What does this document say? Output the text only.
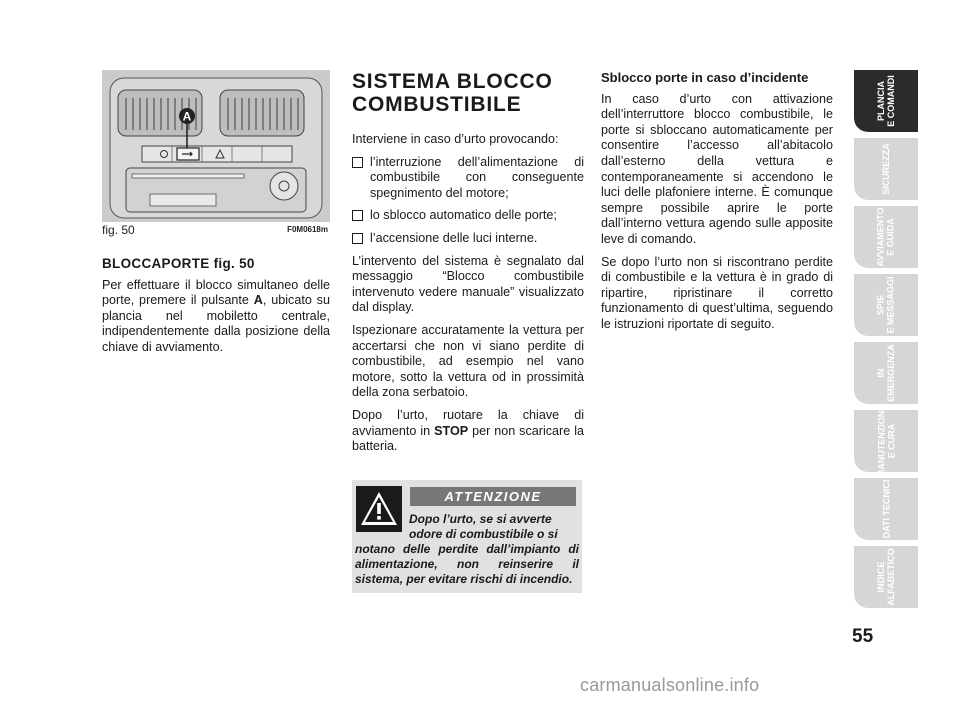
A
fig. 50	F0M0618m
BLOCCAPORTE fig. 50

Per effettuare il blocco simultaneo delle porte, premere il pulsante A, ubicato su plancia nel mobiletto centrale, indipendentemente dalla posizione della chiave di avviamento.

SISTEMA BLOCCO
COMBUSTIBILE

Interviene in caso d’urto provocando:

l’interruzione dell’alimentazione di combustibile con conseguente spegnimento del motore;
lo sblocco automatico delle porte;
l’accensione delle luci interne.

L’intervento del sistema è segnalato dal messaggio “Blocco combustibile intervenuto vedere manuale” visualizzato dal display.

Ispezionare accuratamente la vettura per accertarsi che non vi siano perdite di combustibile, ad esempio nel vano motore, sotto la vettura od in prossimità della zona serbatoio.

Dopo l’urto, ruotare la chiave di avviamento in STOP per non scaricare la batteria.

ATTENZIONE
Dopo l’urto, se si avverte
odore di combustibile o si
notano delle perdite dall’impianto di alimentazione, non reinserire il sistema, per evitare rischi di incendio.
Sblocco porte in caso d’incidente

In caso d’urto con attivazione dell’interruttore blocco combustibile, le porte si sbloccano automaticamente per consentire l’accesso all’abitacolo dall’esterno della vettura e contemporaneamente si accendono le luci delle plafoniere interne. È comunque sempre possibile aprire le porte dall’interno vettura agendo sulle apposite leve di comando.

Se dopo l’urto non si riscontrano perdite di combustibile e la vettura è in grado di ripartire, ripristinare il corretto funzionamento di quest’ultima, seguendo le istruzioni riportate di seguito.

PLANCIA
E COMANDI
SICUREZZA
AVVIAMENTO
E GUIDA
SPIE
E MESSAGGI
IN
EMERGENZA
MANUTENZIONE
E CURA
DATI TECNICI
INDICE
ALFABETICO
55
carmanualsonline.info
